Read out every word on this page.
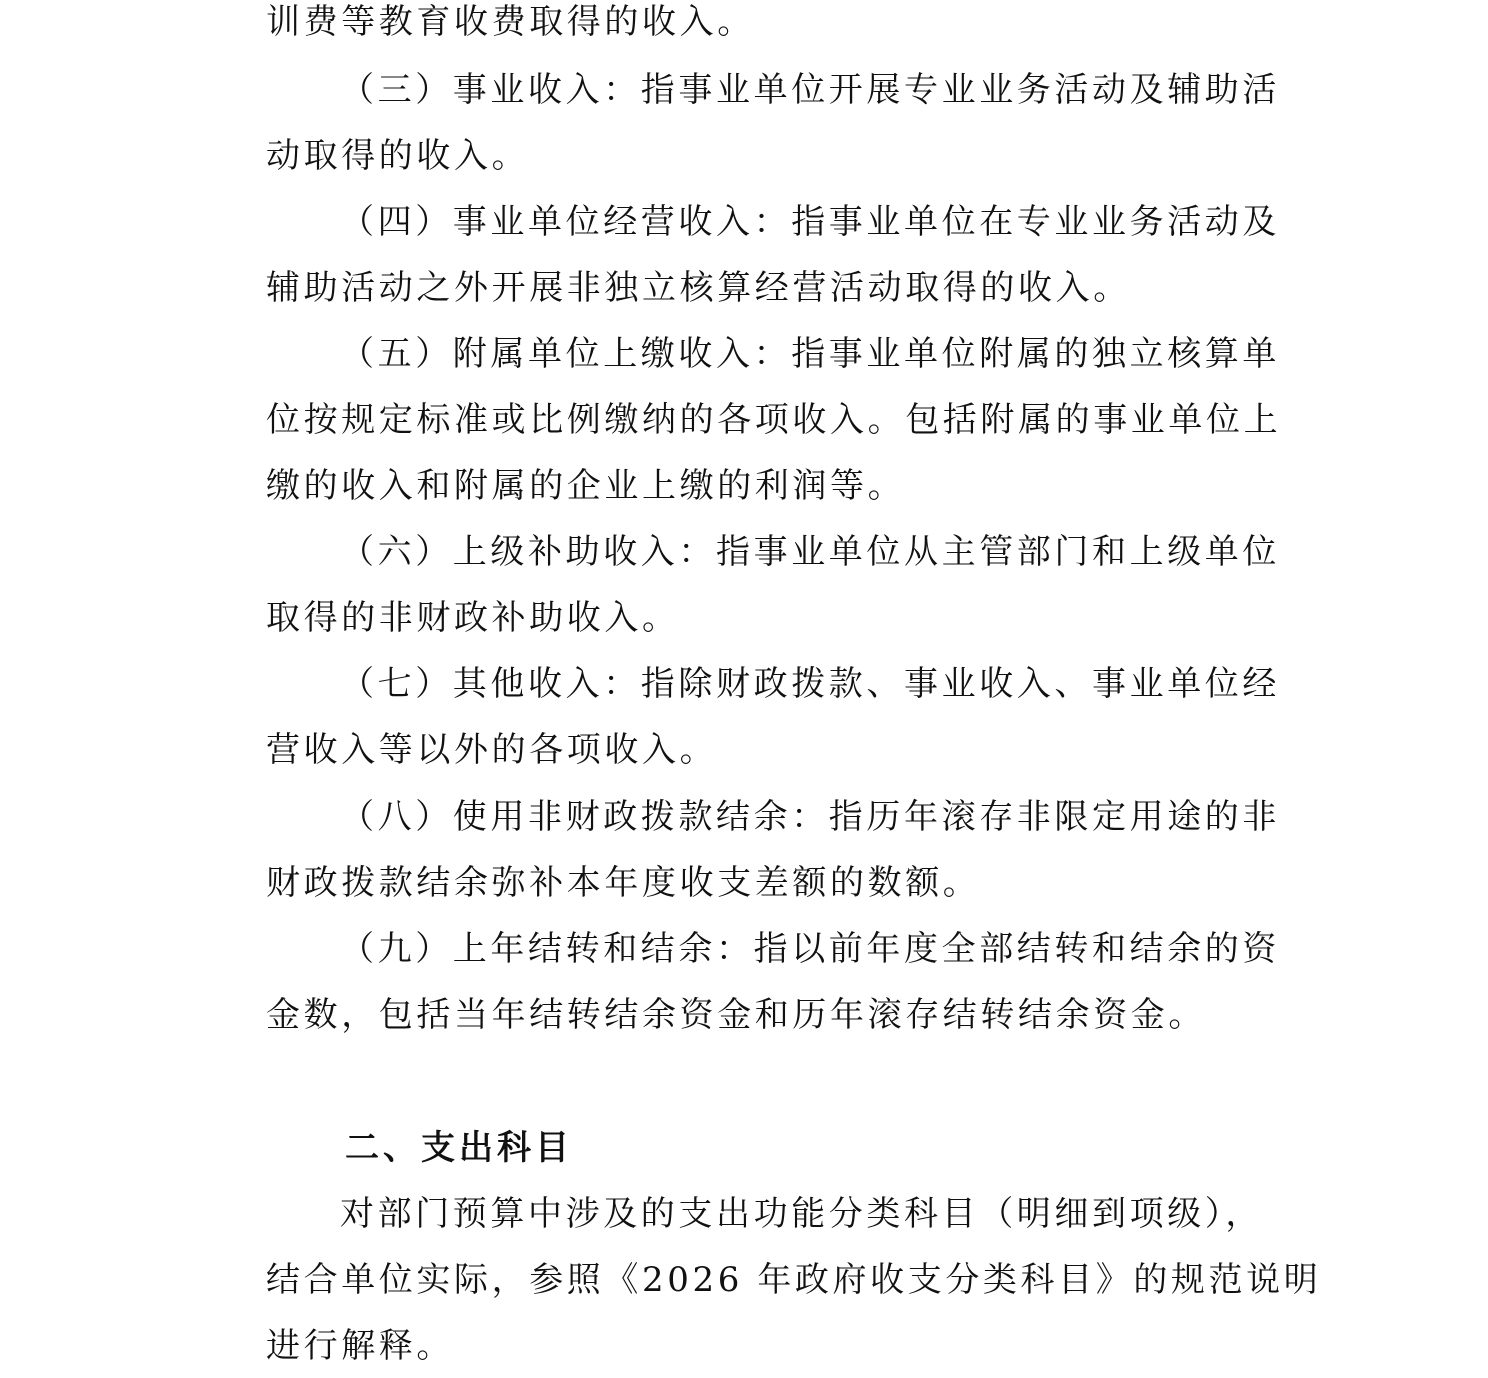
训费等教育收费取得的收入。

（三）事业收入：指事业单位开展专业业务活动及辅助活

动取得的收入。

（四）事业单位经营收入：指事业单位在专业业务活动及

辅助活动之外开展非独立核算经营活动取得的收入。

（五）附属单位上缴收入：指事业单位附属的独立核算单

位按规定标准或比例缴纳的各项收入。包括附属的事业单位上

缴的收入和附属的企业上缴的利润等。

（六）上级补助收入：指事业单位从主管部门和上级单位

取得的非财政补助收入。

（七）其他收入：指除财政拨款、事业收入、事业单位经

营收入等以外的各项收入。

（八）使用非财政拨款结余：指历年滚存非限定用途的非

财政拨款结余弥补本年度收支差额的数额。

（九）上年结转和结余：指以前年度全部结转和结余的资

金数，包括当年结转结余资金和历年滚存结转结余资金。

二、支出科目

对部门预算中涉及的支出功能分类科目（明细到项级），

结合单位实际，参照《2026 年政府收支分类科目》的规范说明

进行解释。
